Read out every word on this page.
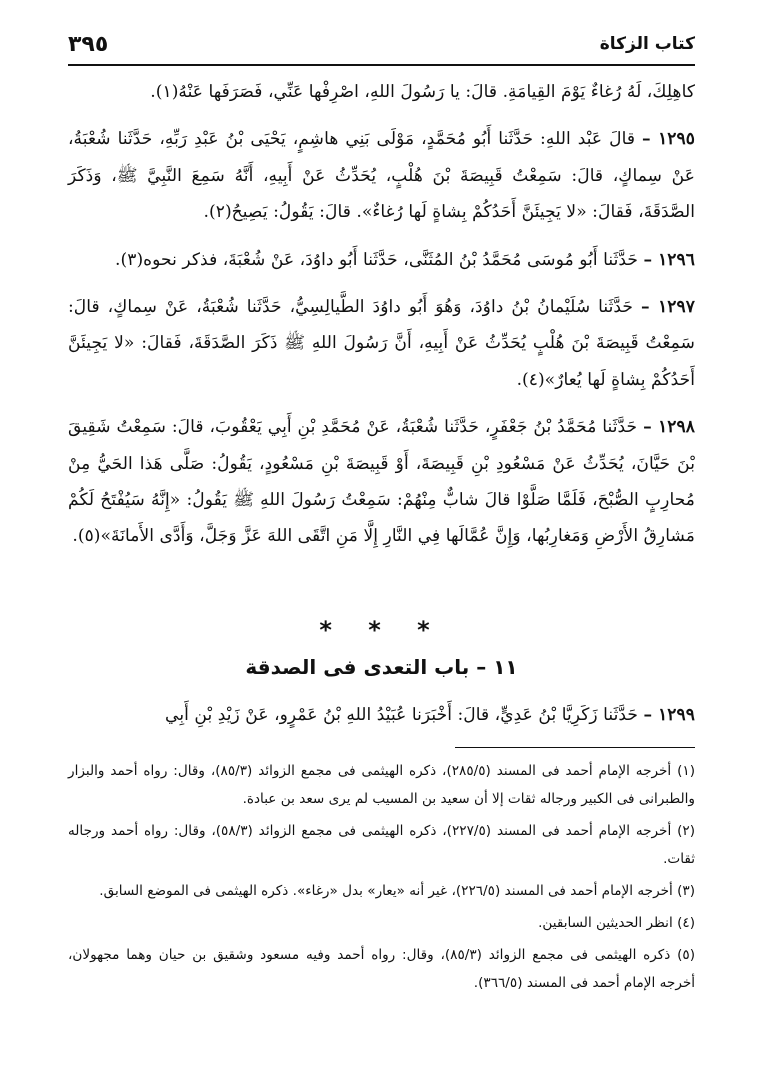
٣٩٥	كتاب الزكاة

كاهِلِكَ، لَهُ رُغاءٌ يَوْمَ القِيامَةِ. قالَ: يا رَسُولَ اللهِ، اصْرِفْها عَنِّي، فَصَرَفَها عَنْهُ(١).

١٢٩٥ – قالَ عَبْد اللهِ: حَدَّثَنا أَبُو مُحَمَّدٍ، مَوْلَى بَنِي هاشِمٍ، يَحْيَى بْنُ عَبْدِ رَبِّهِ، حَدَّثَنا شُعْبَةُ، عَنْ سِماكٍ، قالَ: سَمِعْتُ قَبِيصَةَ بْنَ هُلْبٍ، يُحَدِّثُ عَنْ أَبِيهِ، أَنَّهُ سَمِعَ النَّبِيَّ ﷺ، وَذَكَرَ الصَّدَقَةَ، فَقالَ: «لا يَجِيئَنَّ أَحَدُكُمْ بِشاةٍ لَها رُغاءٌ». قالَ: يَقُولُ: يَصِيحُ(٢).

١٢٩٦ – حَدَّثَنا أَبُو مُوسَى مُحَمَّدُ بْنُ المُثَنَّى، حَدَّثَنا أَبُو داوُدَ، عَنْ شُعْبَةَ، فذكر نحوه(٣).

١٢٩٧ – حَدَّثَنا سُلَيْمانُ بْنُ داوُدَ، وَهُوَ أَبُو داوُدَ الطَّيالِسِيُّ، حَدَّثَنا شُعْبَةُ، عَنْ سِماكٍ، قالَ: سَمِعْتُ قَبِيصَةَ بْنَ هُلْبٍ يُحَدِّثُ عَنْ أَبِيهِ، أَنَّ رَسُولَ اللهِ ﷺ ذَكَرَ الصَّدَقَةَ، فَقالَ: «لا يَجِيئَنَّ أَحَدُكُمْ بِشاةٍ لَها يُعارٌ»(٤).

١٢٩٨ – حَدَّثَنا مُحَمَّدُ بْنُ جَعْفَرٍ، حَدَّثَنا شُعْبَةُ، عَنْ مُحَمَّدِ بْنِ أَبِي يَعْقُوبَ، قالَ: سَمِعْتُ شَقِيقَ بْنَ حَيَّانَ، يُحَدِّثُ عَنْ مَسْعُودِ بْنِ قَبِيصَةَ، أَوْ قَبِيصَةَ بْنِ مَسْعُودٍ، يَقُولُ: صَلَّى هَذا الحَيُّ مِنْ مُحارِبٍ الصُّبْحَ، فَلَمَّا صَلَّوْا قالَ شابٌّ مِنْهُمْ: سَمِعْتُ رَسُولَ اللهِ ﷺ يَقُولُ: «إِنَّهُ سَيُفْتَحُ لَكُمْ مَشارِقُ الأَرْضِ وَمَغارِبُها، وَإِنَّ عُمَّالَها فِي النَّارِ إِلَّا مَنِ اتَّقَى اللهَ عَزَّ وَجَلَّ، وَأَدَّى الأَمانَةَ»(٥).

* * *
١١ – باب التعدى فى الصدقة

١٢٩٩ – حَدَّثَنا زَكَرِيَّا بْنُ عَدِيٍّ، قالَ: أَخْبَرَنا عُبَيْدُ اللهِ بْنُ عَمْرٍو، عَنْ زَيْدِ بْنِ أَبِي

(١) أخرجه الإمام أحمد فى المسند (٢٨٥/٥)، ذكره الهيثمى فى مجمع الزوائد (٨٥/٣)، وقال: رواه أحمد والبزار والطبرانى فى الكبير ورجاله ثقات إلا أن سعيد بن المسيب لم يرى سعد بن عبادة.

(٢) أخرجه الإمام أحمد فى المسند (٢٢٧/٥)، ذكره الهيثمى فى مجمع الزوائد (٥٨/٣)، وقال: رواه أحمد ورجاله ثقات.

(٣) أخرجه الإمام أحمد فى المسند (٢٢٦/٥)، غير أنه «يعار» بدل «رغاء». ذكره الهيثمى فى الموضع السابق.

(٤) انظر الحديثين السابقين.

(٥) ذكره الهيثمى فى مجمع الزوائد (٨٥/٣)، وقال: رواه أحمد وفيه مسعود وشقيق بن حيان وهما مجهولان، أخرجه الإمام أحمد فى المسند (٣٦٦/٥).
